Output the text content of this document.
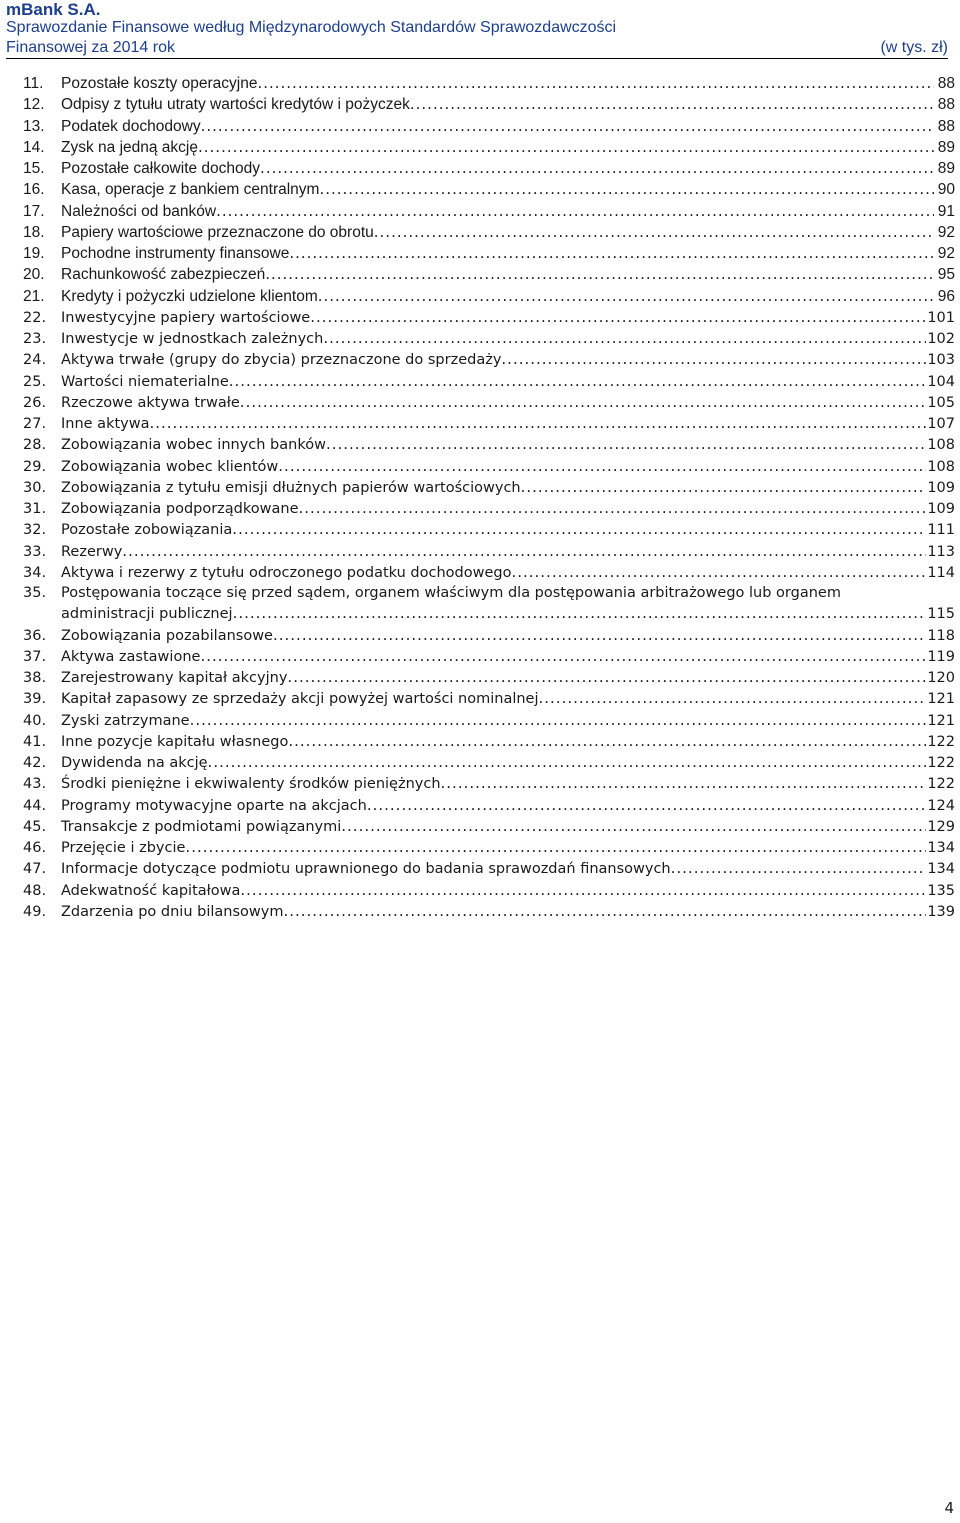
mBank S.A.
Sprawozdanie Finansowe według Międzynarodowych Standardów Sprawozdawczości
Finansowej za 2014 rok	(w tys. zł)
11.	Pozostałe koszty operacyjne .....	88
12.	Odpisy z tytułu utraty wartości kredytów i pożyczek .....	88
13.	Podatek dochodowy .....	88
14.	Zysk na jedną akcję .....	89
15.	Pozostałe całkowite dochody .....	89
16.	Kasa, operacje z bankiem centralnym .....	90
17.	Należności od banków .....	91
18.	Papiery wartościowe przeznaczone do obrotu .....	92
19.	Pochodne instrumenty finansowe .....	92
20.	Rachunkowość zabezpieczeń .....	95
21.	Kredyty i pożyczki udzielone klientom .....	96
22.	Inwestycyjne papiery wartościowe .....	101
23.	Inwestycje w jednostkach zależnych .....	102
24.	Aktywa trwałe (grupy do zbycia) przeznaczone do sprzedaży .....	103
25.	Wartości niematerialne .....	104
26.	Rzeczowe aktywa trwałe .....	105
27.	Inne aktywa .....	107
28.	Zobowiązania wobec innych banków .....	108
29.	Zobowiązania wobec klientów .....	108
30.	Zobowiązania z tytułu emisji dłużnych papierów wartościowych .....	109
31.	Zobowiązania podporządkowane .....	109
32.	Pozostałe zobowiązania .....	111
33.	Rezerwy .....	113
34.	Aktywa i rezerwy z tytułu odroczonego podatku dochodowego .....	114
35.	Postępowania toczące się przed sądem, organem właściwym dla postępowania arbitrażowego lub organem
administracji publicznej .....	115
36.	Zobowiązania pozabilansowe .....	118
37.	Aktywa zastawione .....	119
38.	Zarejestrowany kapitał akcyjny .....	120
39.	Kapitał zapasowy ze sprzedaży akcji powyżej wartości nominalnej .....	121
40.	Zyski zatrzymane .....	121
41.	Inne pozycje kapitału własnego .....	122
42.	Dywidenda na akcję .....	122
43.	Środki pieniężne i ekwiwalenty środków pieniężnych .....	122
44.	Programy motywacyjne oparte na akcjach .....	124
45.	Transakcje z podmiotami powiązanymi .....	129
46.	Przejęcie i zbycie .....	134
47.	Informacje dotyczące podmiotu uprawnionego do badania sprawozdań finansowych .....	134
48.	Adekwatność kapitałowa .....	135
49.	Zdarzenia po dniu bilansowym .....	139
4
